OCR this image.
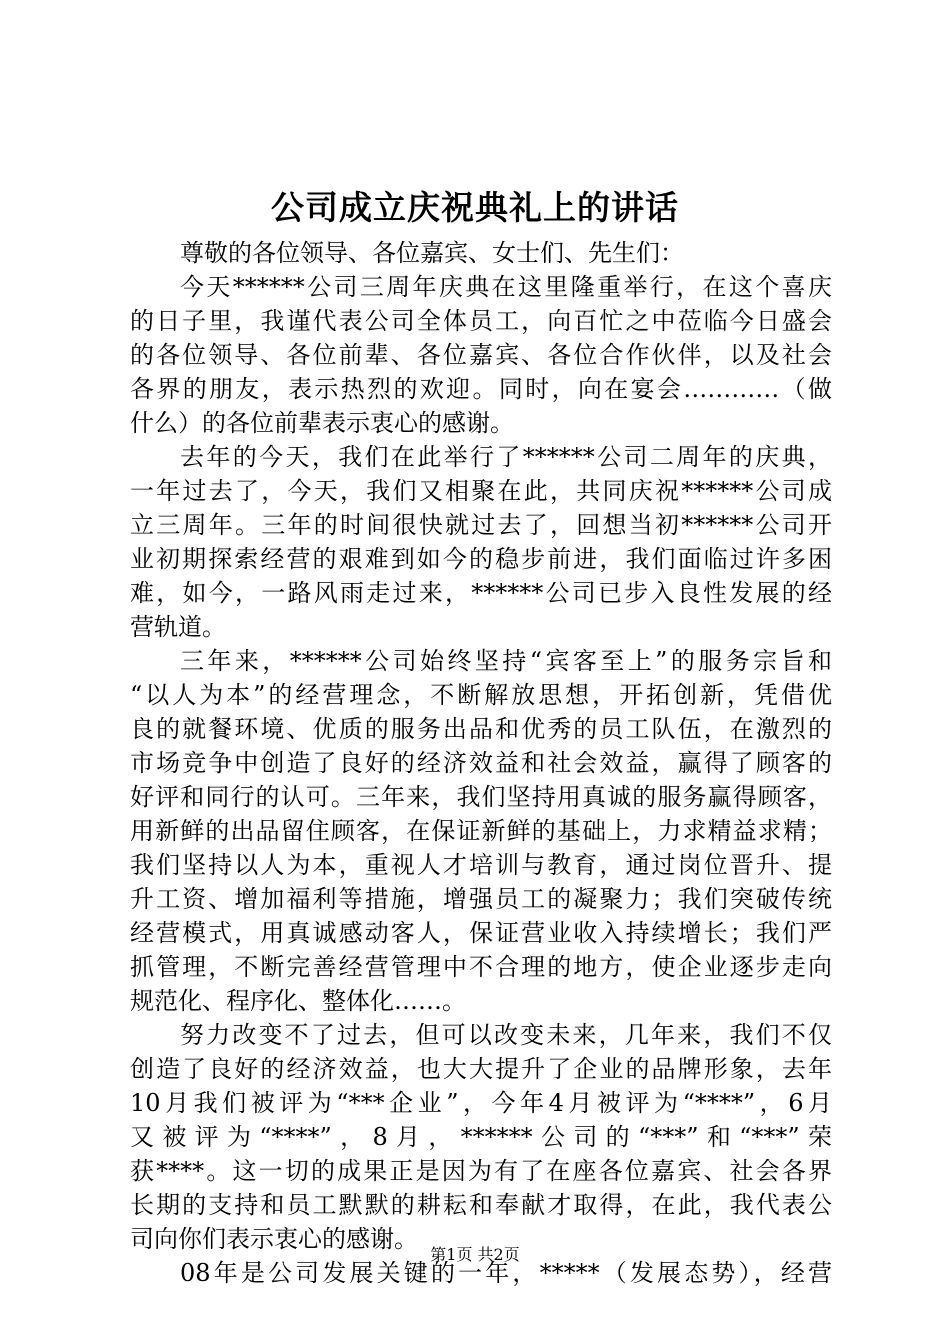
公司成立庆祝典礼上的讲话
尊敬的各位领导、各位嘉宾、女士们、先生们：
今天******公司三周年庆典在这里隆重举行，在这个喜庆
的日子里，我谨代表公司全体员工，向百忙之中莅临今日盛会
的各位领导、各位前辈、各位嘉宾、各位合作伙伴，以及社会
各界的朋友，表示热烈的欢迎。同时，向在宴会…………（做
什么）的各位前辈表示衷心的感谢。
去年的今天，我们在此举行了******公司二周年的庆典，
一年过去了，今天，我们又相聚在此，共同庆祝******公司成
立三周年。三年的时间很快就过去了，回想当初******公司开
业初期探索经营的艰难到如今的稳步前进，我们面临过许多困
难，如今，一路风雨走过来，******公司已步入良性发展的经
营轨道。
三年来，******公司始终坚持“宾客至上”的服务宗旨和
“以人为本”的经营理念，不断解放思想，开拓创新，凭借优
良的就餐环境、优质的服务出品和优秀的员工队伍，在激烈的
市场竞争中创造了良好的经济效益和社会效益，赢得了顾客的
好评和同行的认可。三年来，我们坚持用真诚的服务赢得顾客，
用新鲜的出品留住顾客，在保证新鲜的基础上，力求精益求精；
我们坚持以人为本，重视人才培训与教育，通过岗位晋升、提
升工资、增加福利等措施，增强员工的凝聚力；我们突破传统
经营模式，用真诚感动客人，保证营业收入持续增长；我们严
抓管理，不断完善经营管理中不合理的地方，使企业逐步走向
规范化、程序化、整体化……。
努力改变不了过去，但可以改变未来，几年来，我们不仅
创造了良好的经济效益，也大大提升了企业的品牌形象，去年
10月我们被评为“***企业”，今年4月被评为“****”，6月
又被评为“****”，8月，******公司的“***”和“***”荣
获****。这一切的成果正是因为有了在座各位嘉宾、社会各界
长期的支持和员工默默的耕耘和奉献才取得，在此，我代表公
司向你们表示衷心的感谢。
08年是公司发展关键的一年，*****（发展态势），经营
第1页 共2页
